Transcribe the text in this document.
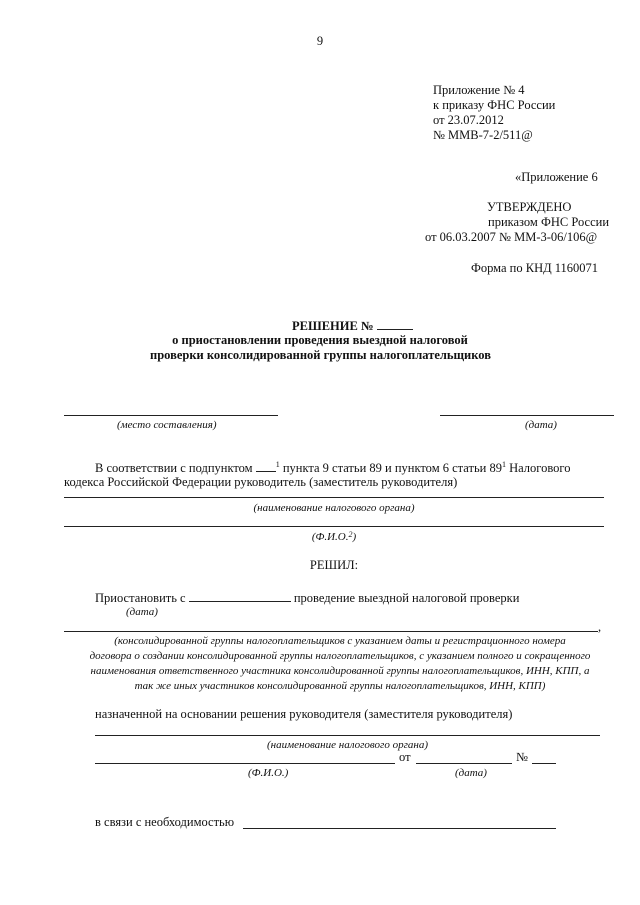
9
Приложение № 4
к приказу ФНС России
от 23.07.2012
№ ММВ-7-2/511@
«Приложение 6
УТВЕРЖДЕНО
приказом ФНС России
от 06.03.2007 № ММ-3-06/106@
Форма по КНД 1160071
РЕШЕНИЕ №
о приостановлении проведения выездной налоговой
проверки консолидированной группы налогоплательщиков
(место составления)	(дата)
В соответствии с подпунктом	$^1$ пункта 9 статьи 89 и пунктом 6 статьи $89^1$ Налогового
кодекса Российской Федерации руководитель (заместитель руководителя)
(наименование налогового органа)
(Ф.И.О.$^2$)
РЕШИЛ:
Приостановить с	проведение выездной налоговой проверки
(дата)
,
(консолидированной группы налогоплательщиков с указанием даты и регистрационного номера
договора о создании консолидированной группы налогоплательщиков, с указанием полного и сокращенного
наименования ответственного участника консолидированной группы налогоплательщиков, ИНН, КПП, а
так же иных участников консолидированной группы налогоплательщиков, ИНН, КПП)
назначенной на основании решения руководителя (заместителя руководителя)
(наименование налогового органа)
от	№
(Ф.И.О.)	(дата)
в связи с необходимостью
